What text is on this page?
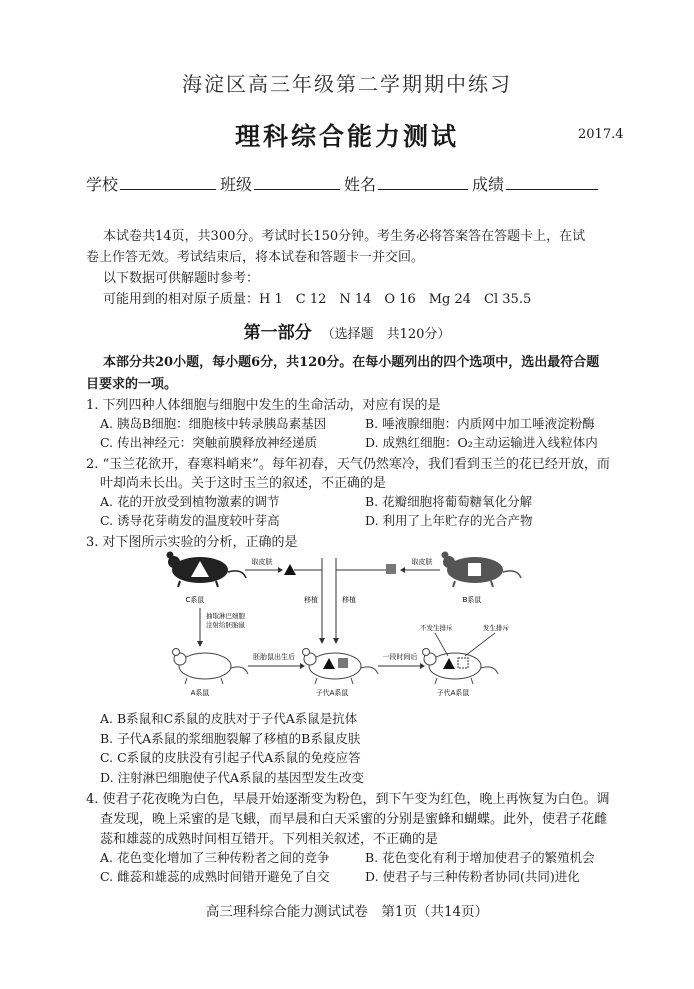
海淀区高三年级第二学期期中练习
理科综合能力测试	2017.4
学校	班级	姓名	成绩
本试卷共14页，共300分。考试时长150分钟。考生务必将答案答在答题卡上，在试
卷上作答无效。考试结束后，将本试卷和答题卡一并交回。
以下数据可供解题时参考：
可能用到的相对原子质量：H 1　C 12　N 14　O 16　Mg 24　Cl 35.5
第一部分 （选择题　共120分）
本部分共20小题，每小题6分，共120分。在每小题列出的四个选项中，选出最符合题
目要求的一项。
1. 下列四种人体细胞与细胞中发生的生命活动，对应有误的是
A. 胰岛B细胞：细胞核中转录胰岛素基因	B. 唾液腺细胞：内质网中加工唾液淀粉酶
C. 传出神经元：突触前膜释放神经递质	D. 成熟红细胞：O₂主动运输进入线粒体内
2. “玉兰花欲开，春寒料峭来”。每年初春，天气仍然寒冷，我们看到玉兰的花已经开放，而
叶却尚未长出。关于这时玉兰的叙述，不正确的是
A. 花的开放受到植物激素的调节	B. 花瓣细胞将葡萄糖氧化分解
C. 诱导花芽萌发的温度较叶芽高	D. 利用了上年贮存的光合产物
3. 对下图所示实验的分析，正确的是
C系鼠
取皮肤
B系鼠
取皮肤
移植	移植
抽取淋巴细胞
注射给胚胎鼠
A系鼠
胚胎鼠出生后
子代A系鼠
一段时间后
子代A系鼠
不发生排斥	发生排斥
A. B系鼠和C系鼠的皮肤对于子代A系鼠是抗体
B. 子代A系鼠的浆细胞裂解了移植的B系鼠皮肤
C. C系鼠的皮肤没有引起子代A系鼠的免疫应答
D. 注射淋巴细胞使子代A系鼠的基因型发生改变
4. 使君子花夜晚为白色，早晨开始逐渐变为粉色，到下午变为红色，晚上再恢复为白色。调
查发现，晚上采蜜的是飞蛾，而早晨和白天采蜜的分别是蜜蜂和蝴蝶。此外，使君子花雌
蕊和雄蕊的成熟时间相互错开。下列相关叙述，不正确的是
A. 花色变化增加了三种传粉者之间的竞争	B. 花色变化有利于增加使君子的繁殖机会
C. 雌蕊和雄蕊的成熟时间错开避免了自交	D. 使君子与三种传粉者协同(共同)进化
高三理科综合能力测试试卷　第1页（共14页）
